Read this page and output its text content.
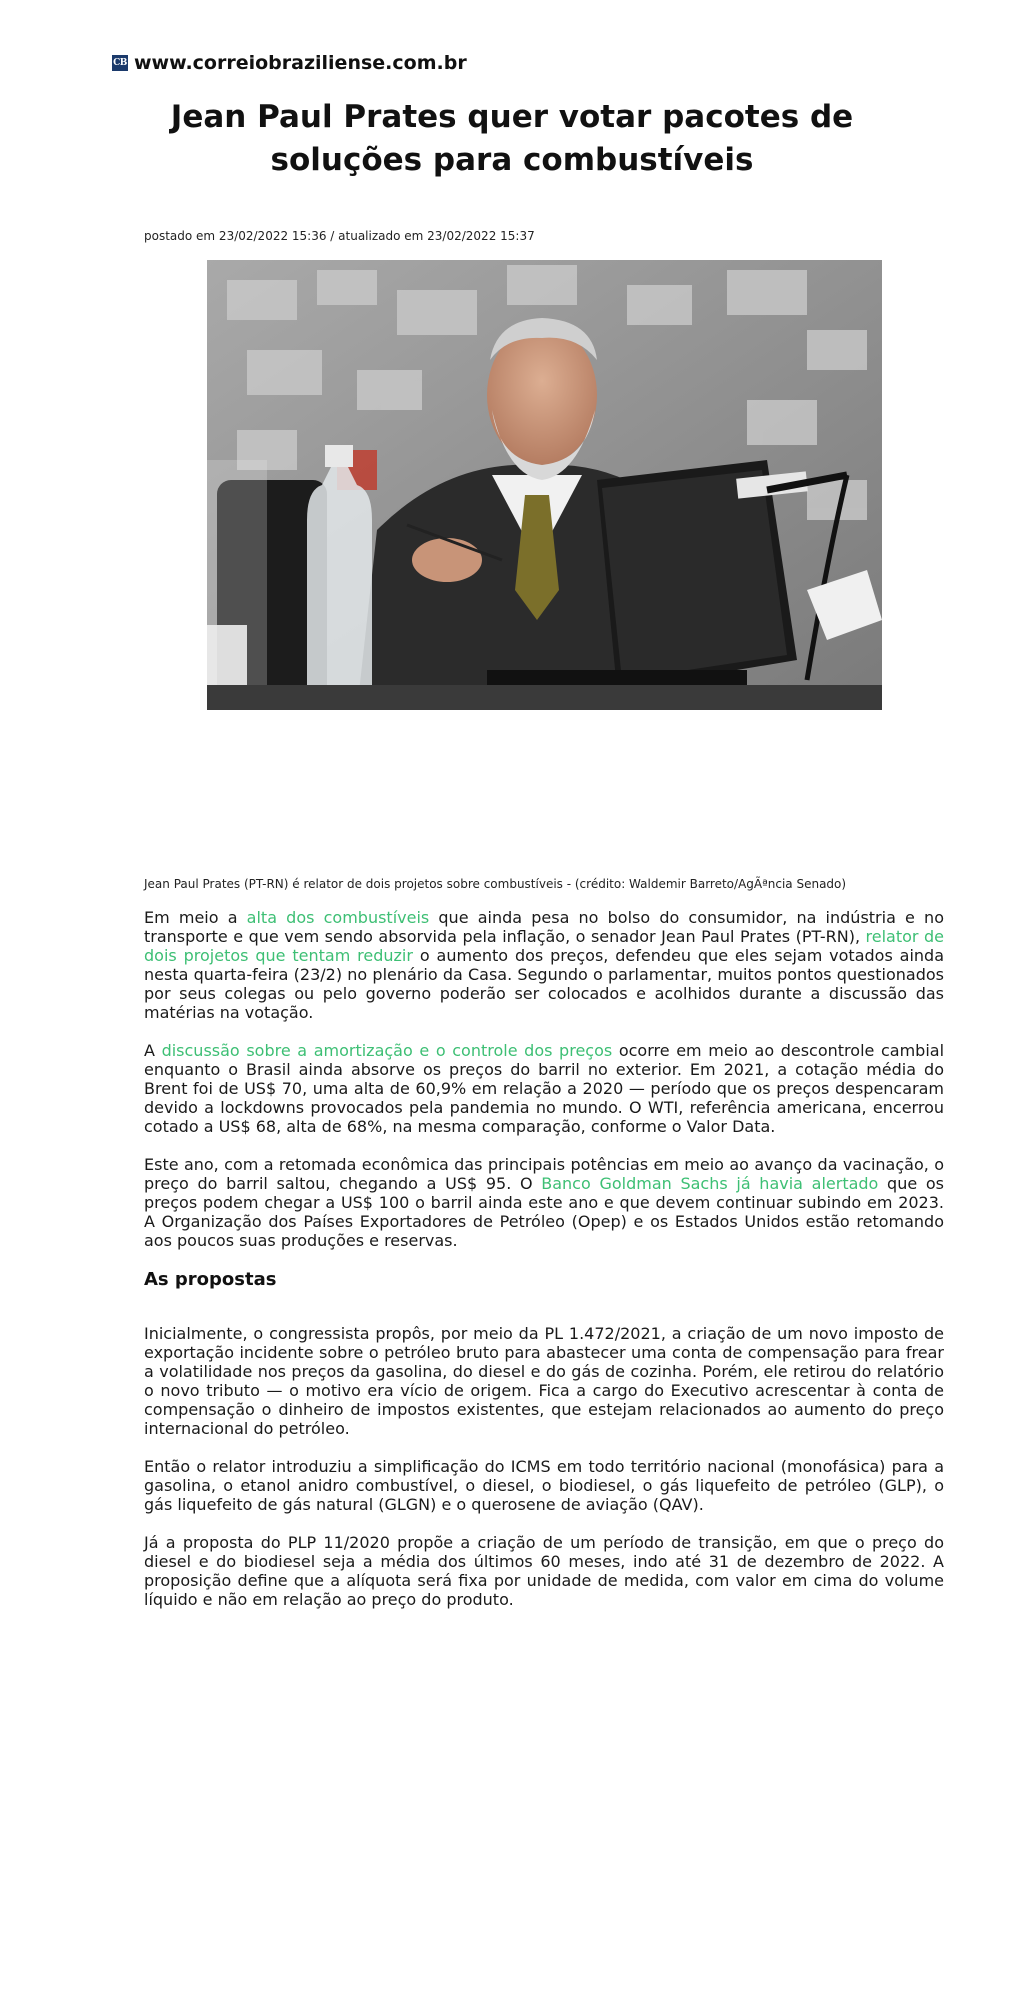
CB www.correiobraziliense.com.br
Jean Paul Prates quer votar pacotes de soluções para combustíveis
postado em 23/02/2022 15:36 / atualizado em 23/02/2022 15:37
Jean Paul Prates (PT-RN) é relator de dois projetos sobre combustíveis - (crédito: Waldemir Barreto/AgÃªncia Senado)

Em meio a alta dos combustíveis que ainda pesa no bolso do consumidor, na indústria e no transporte e que vem sendo absorvida pela inflação, o senador Jean Paul Prates (PT-RN), relator de dois projetos que tentam reduzir o aumento dos preços, defendeu que eles sejam votados ainda nesta quarta-feira (23/2) no plenário da Casa. Segundo o parlamentar, muitos pontos questionados por seus colegas ou pelo governo poderão ser colocados e acolhidos durante a discussão das matérias na votação.

A discussão sobre a amortização e o controle dos preços ocorre em meio ao descontrole cambial enquanto o Brasil ainda absorve os preços do barril no exterior. Em 2021, a cotação média do Brent foi de US$ 70, uma alta de 60,9% em relação a 2020 — período que os preços despencaram devido a lockdowns provocados pela pandemia no mundo. O WTI, referência americana, encerrou cotado a US$ 68, alta de 68%, na mesma comparação, conforme o Valor Data.

Este ano, com a retomada econômica das principais potências em meio ao avanço da vacinação, o preço do barril saltou, chegando a US$ 95. O Banco Goldman Sachs já havia alertado que os preços podem chegar a US$ 100 o barril ainda este ano e que devem continuar subindo em 2023. A Organização dos Países Exportadores de Petróleo (Opep) e os Estados Unidos estão retomando aos poucos suas produções e reservas.

As propostas

Inicialmente, o congressista propôs, por meio da PL 1.472/2021, a criação de um novo imposto de exportação incidente sobre o petróleo bruto para abastecer uma conta de compensação para frear a volatilidade nos preços da gasolina, do diesel e do gás de cozinha. Porém, ele retirou do relatório o novo tributo — o motivo era vício de origem. Fica a cargo do Executivo acrescentar à conta de compensação o dinheiro de impostos existentes, que estejam relacionados ao aumento do preço internacional do petróleo.

Então o relator introduziu a simplificação do ICMS em todo território nacional (monofásica) para a gasolina, o etanol anidro combustível, o diesel, o biodiesel, o gás liquefeito de petróleo (GLP), o gás liquefeito de gás natural (GLGN) e o querosene de aviação (QAV).

Já a proposta do PLP 11/2020 propõe a criação de um período de transição, em que o preço do diesel e do biodiesel seja a média dos últimos 60 meses, indo até 31 de dezembro de 2022. A proposição define que a alíquota será fixa por unidade de medida, com valor em cima do volume líquido e não em relação ao preço do produto.
